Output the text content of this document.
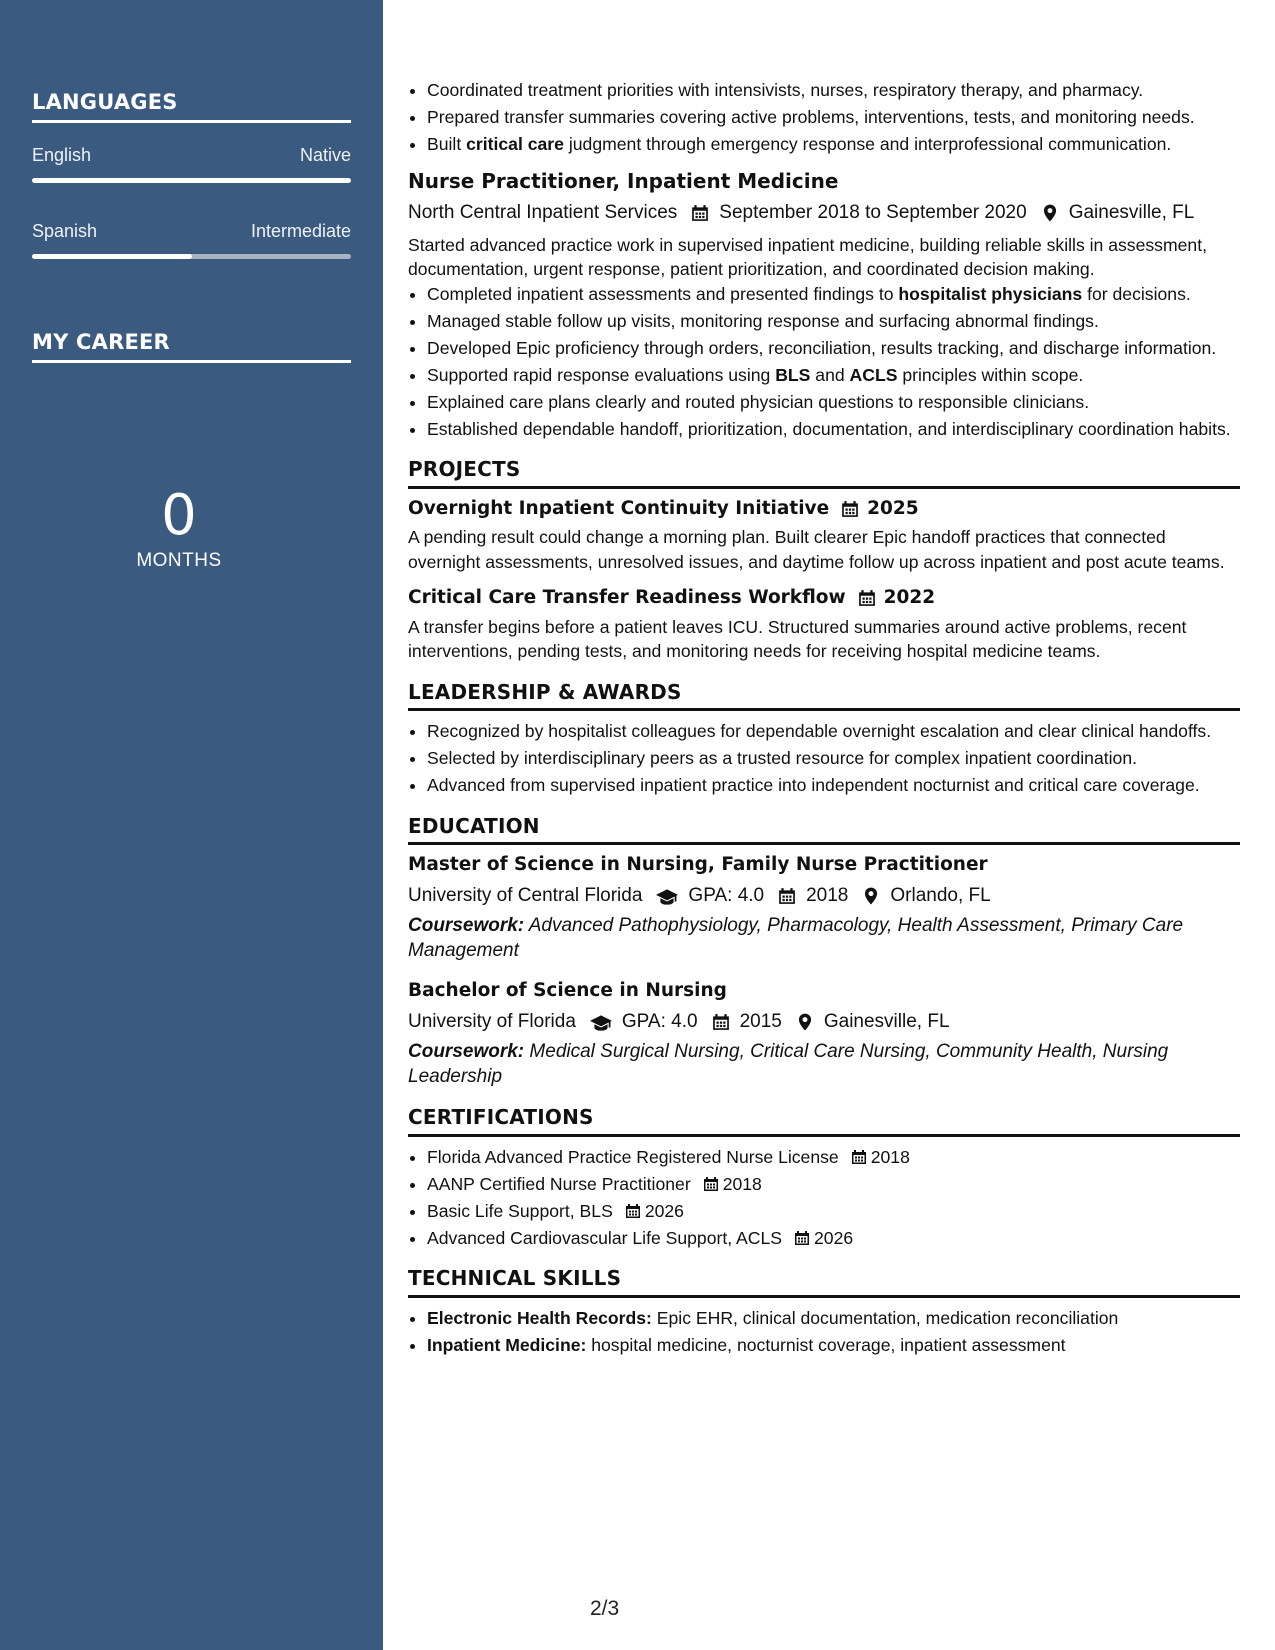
LANGUAGES
English	Native
Spanish	Intermediate
MY CAREER
0
MONTHS
• Coordinated treatment priorities with intensivists, nurses, respiratory therapy, and pharmacy.
• Prepared transfer summaries covering active problems, interventions, tests, and monitoring needs.
• Built critical care judgment through emergency response and interprofessional communication.
Nurse Practitioner, Inpatient Medicine
North Central Inpatient Services September 2018 to September 2020 Gainesville, FL
Started advanced practice work in supervised inpatient medicine, building reliable skills in assessment, documentation, urgent response, patient prioritization, and coordinated decision making.
• Completed inpatient assessments and presented findings to hospitalist physicians for decisions.
• Managed stable follow up visits, monitoring response and surfacing abnormal findings.
• Developed Epic proficiency through orders, reconciliation, results tracking, and discharge information.
• Supported rapid response evaluations using BLS and ACLS principles within scope.
• Explained care plans clearly and routed physician questions to responsible clinicians.
• Established dependable handoff, prioritization, documentation, and interdisciplinary coordination habits.
PROJECTS
Overnight Inpatient Continuity Initiative 2025
A pending result could change a morning plan. Built clearer Epic handoff practices that connected overnight assessments, unresolved issues, and daytime follow up across inpatient and post acute teams.
Critical Care Transfer Readiness Workflow 2022
A transfer begins before a patient leaves ICU. Structured summaries around active problems, recent interventions, pending tests, and monitoring needs for receiving hospital medicine teams.
LEADERSHIP & AWARDS
• Recognized by hospitalist colleagues for dependable overnight escalation and clear clinical handoffs.
• Selected by interdisciplinary peers as a trusted resource for complex inpatient coordination.
• Advanced from supervised inpatient practice into independent nocturnist and critical care coverage.
EDUCATION
Master of Science in Nursing, Family Nurse Practitioner
University of Central Florida GPA: 4.0 2018 Orlando, FL
Coursework: Advanced Pathophysiology, Pharmacology, Health Assessment, Primary Care Management
Bachelor of Science in Nursing
University of Florida GPA: 4.0 2015 Gainesville, FL
Coursework: Medical Surgical Nursing, Critical Care Nursing, Community Health, Nursing Leadership
CERTIFICATIONS
• Florida Advanced Practice Registered Nurse License 2018
• AANP Certified Nurse Practitioner 2018
• Basic Life Support, BLS 2026
• Advanced Cardiovascular Life Support, ACLS 2026
TECHNICAL SKILLS
• Electronic Health Records: Epic EHR, clinical documentation, medication reconciliation
• Inpatient Medicine: hospital medicine, nocturnist coverage, inpatient assessment
2/3
